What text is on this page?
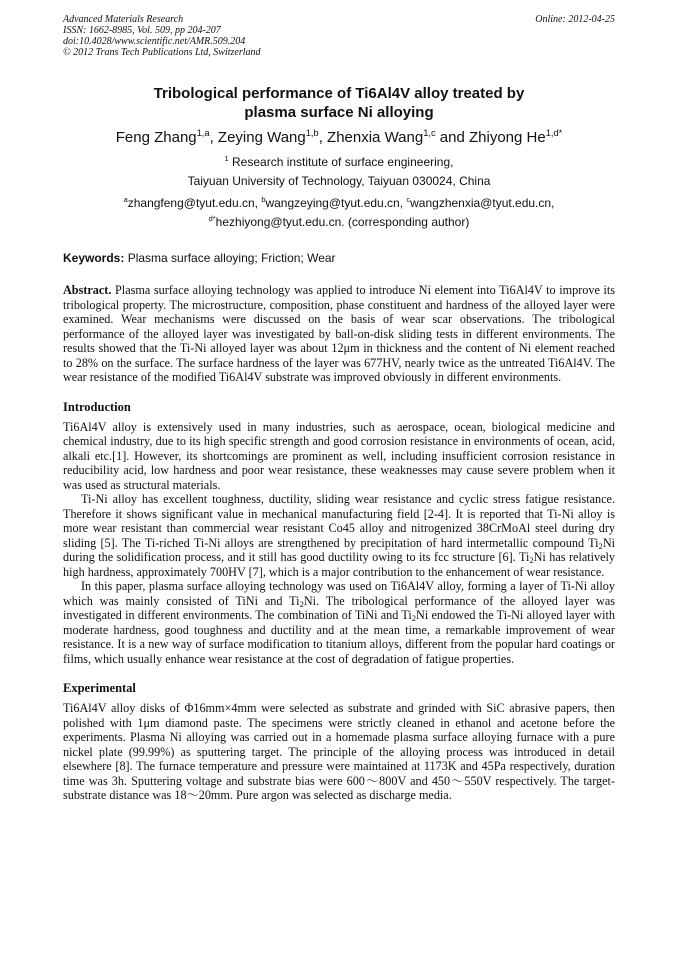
Advanced Materials Research
ISSN: 1662-8985, Vol. 509, pp 204-207
doi:10.4028/www.scientific.net/AMR.509.204
© 2012 Trans Tech Publications Ltd, Switzerland
Online: 2012-04-25
Tribological performance of Ti6Al4V alloy treated by
plasma surface Ni alloying
Feng Zhang$^{1,a}$, Zeying Wang$^{1,b}$, Zhenxia Wang$^{1,c}$ and Zhiyong $He^{1,d*}$
$^1$ Research institute of surface engineering,
Taiyuan University of Technology, Taiyuan 030024, China
$^a$zhangfeng@tyut.edu.cn, $^b$wangzeying@tyut.edu.cn, $^c$wangzhenxia@tyut.edu.cn,
$^{d*}$hezhiyong@tyut.edu.cn. (corresponding author)
Keywords: Plasma surface alloying; Friction; Wear

Abstract. Plasma surface alloying technology was applied to introduce Ni element into Ti6Al4V to improve its tribological property. The microstructure, composition, phase constituent and hardness of the alloyed layer were examined. Wear mechanisms were discussed on the basis of wear scar observations. The tribological performance of the alloyed layer was investigated by ball-on-disk sliding tests in different environments. The results showed that the Ti-Ni alloyed layer was about 12μm in thickness and the content of Ni element reached to 28% on the surface. The surface hardness of the layer was 677HV, nearly twice as the untreated Ti6Al4V. The wear resistance of the modified Ti6Al4V substrate was improved obviously in different environments.

Introduction

Ti6Al4V alloy is extensively used in many industries, such as aerospace, ocean, biological medicine and chemical industry, due to its high specific strength and good corrosion resistance in environments of ocean, acid, alkali etc.[1]. However, its shortcomings are prominent as well, including insufficient corrosion resistance in reducibility acid, low hardness and poor wear resistance, these weaknesses may cause severe problem when it was used as structural materials.

Ti-Ni alloy has excellent toughness, ductility, sliding wear resistance and cyclic stress fatigue resistance. Therefore it shows significant value in mechanical manufacturing field [2-4]. It is reported that Ti-Ni alloy is more wear resistant than commercial wear resistant Co45 alloy and nitrogenized 38CrMoAl steel during dry sliding [5]. The Ti-riched Ti-Ni alloys are strengthened by precipitation of hard intermetallic compound $Ti_2Ni$ during the solidification process, and it still has good ductility owing to its fcc structure [6]. $Ti_2Ni$ has relatively high hardness, approximately 700HV [7], which is a major contribution to the enhancement of wear resistance.

In this paper, plasma surface alloying technology was used on Ti6Al4V alloy, forming a layer of Ti-Ni alloy which was mainly consisted of TiNi and $Ti_2Ni$. The tribological performance of the alloyed layer was investigated in different environments. The combination of TiNi and $Ti_2Ni$ endowed the Ti-Ni alloyed layer with moderate hardness, good toughness and ductility and at the mean time, a remarkable improvement of wear resistance. It is a new way of surface modification to titanium alloys, different from the popular hard coatings or films, which usually enhance wear resistance at the cost of degradation of fatigue properties.

Experimental

Ti6Al4V alloy disks of Φ16mm×4mm were selected as substrate and grinded with SiC abrasive papers, then polished with 1μm diamond paste. The specimens were strictly cleaned in ethanol and acetone before the experiments. Plasma Ni alloying was carried out in a homemade plasma surface alloying furnace with a pure nickel plate (99.99%) as sputtering target. The principle of the alloying process was introduced in detail elsewhere [8]. The furnace temperature and pressure were maintained at 1173K and 45Pa respectively, duration time was 3h. Sputtering voltage and substrate bias were 600～800V and 450～550V respectively. The target-substrate distance was 18～20mm. Pure argon was selected as discharge media.
